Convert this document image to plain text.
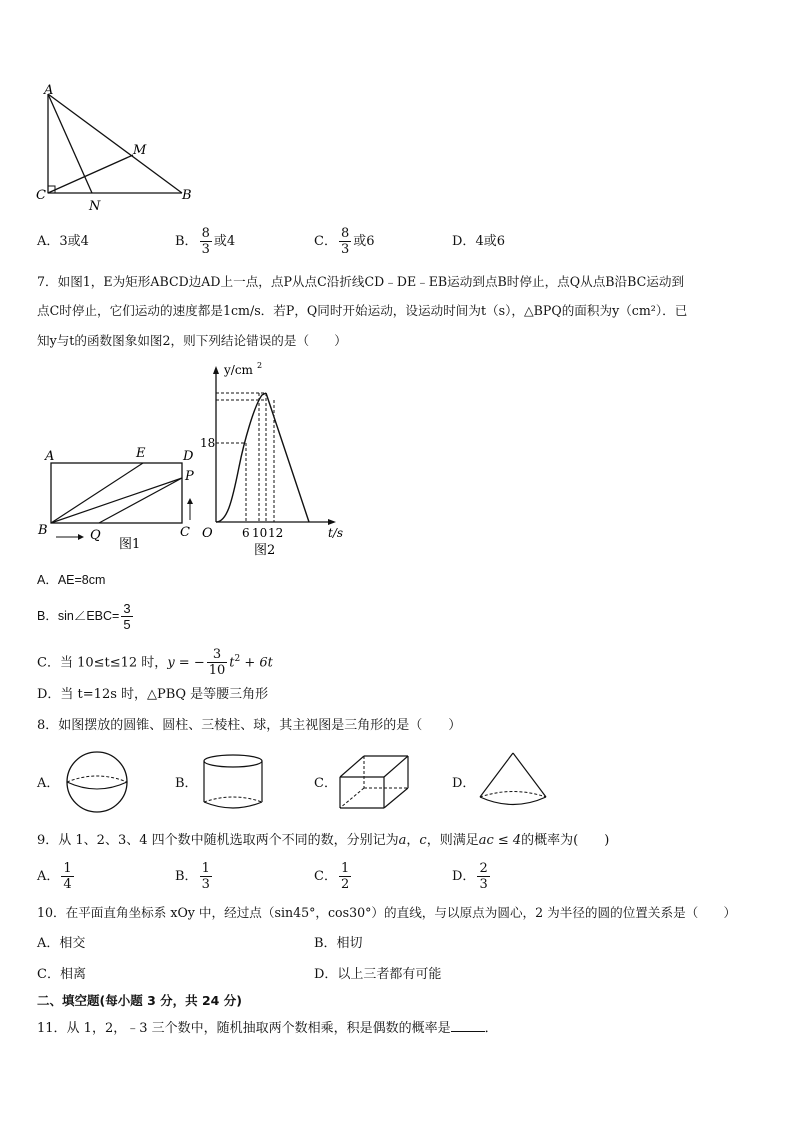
A
M
C
N
B
A．3或4	B． $\frac{8}{3}$ 或4	C． $\frac{8}{3}$ 或6	D．4或6
7．如图1，E为矩形ABCD边AD上一点，点P从点C沿折线CD﹣DE﹣EB运动到点B时停止，点Q从点B沿BC运动到
点C时停止，它们运动的速度都是1cm/s．若P，Q同时开始运动，设运动时间为t（s），△BPQ的面积为y（cm²）．已
知y与t的函数图象如图2，则下列结论错误的是（　　）
A	E	D
P
B	Q	C
图1
y/cm 2
18
O 6 10 12	t/s
图2
A．AE=8cm
B．sin∠EBC= $\frac{3}{5}$
C．当 10≤t≤12 时，y = − $\frac{3}{10} t^2 + 6t$
D．当 t=12s 时，△PBQ 是等腰三角形
8．如图摆放的圆锥、圆柱、三棱柱、球，其主视图是三角形的是（　　）
A．	B．	C．	D．
9．从 1、2、3、4 四个数中随机选取两个不同的数，分别记为a，c，则满足ac ≤ 4的概率为(　　)
A． $\frac{1}{4}$	B． $\frac{1}{3}$	C． $\frac{1}{2}$	D． $\frac{2}{3}$
10．在平面直角坐标系 xOy 中，经过点（sin45°，cos30°）的直线，与以原点为圆心，2 为半径的圆的位置关系是（　　）
A．相交	B．相切
C．相离	D．以上三者都有可能
二、填空题(每小题 3 分，共 24 分)
11．从 1，2，﹣3 三个数中，随机抽取两个数相乘，积是偶数的概率是	．
